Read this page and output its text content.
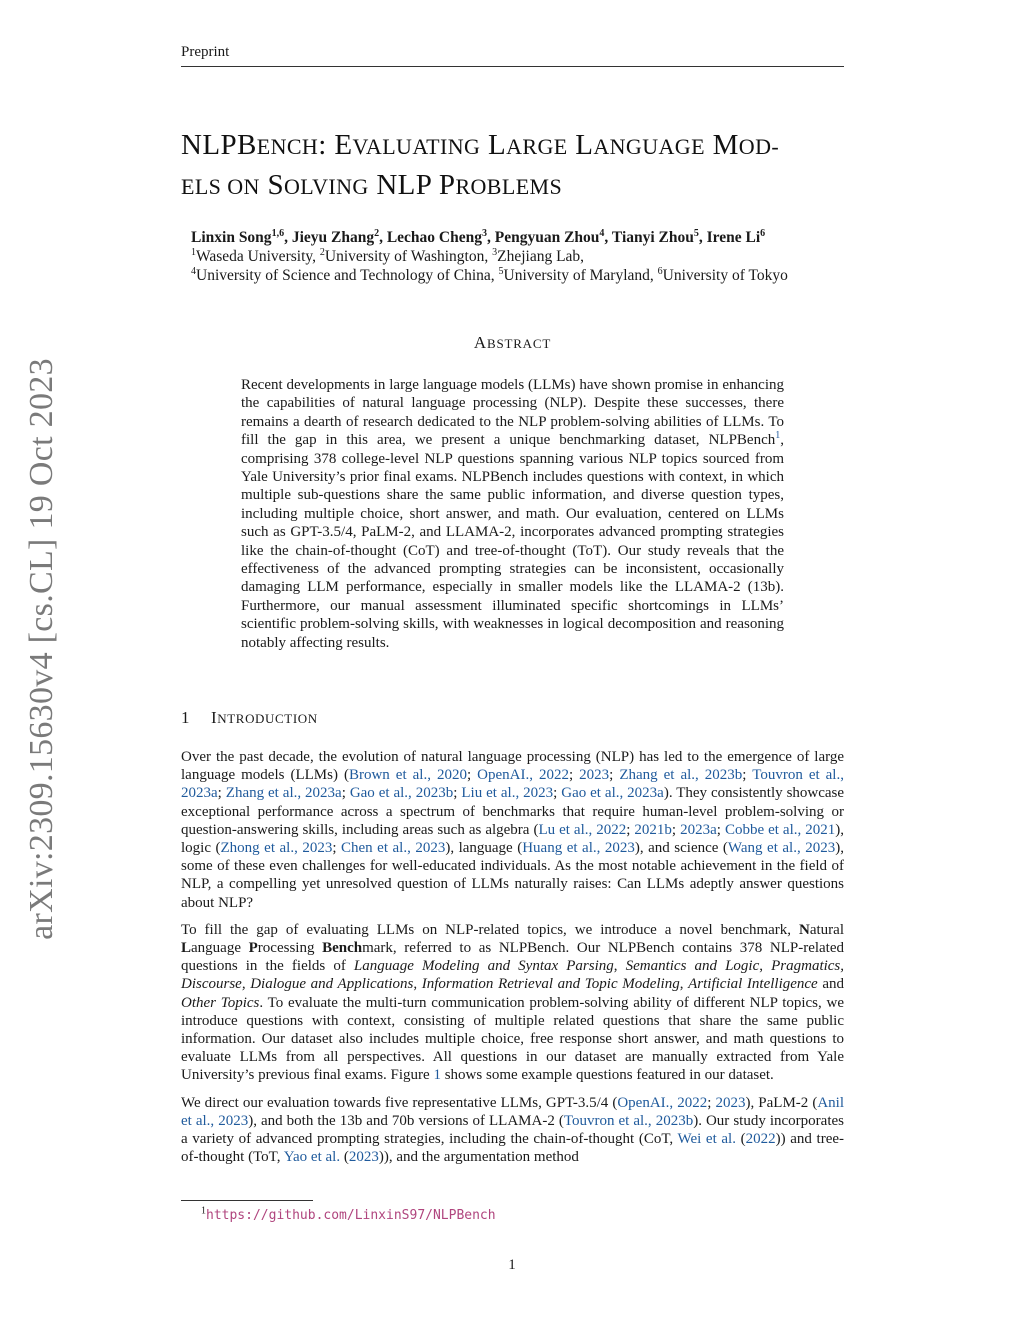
Preprint
arXiv:2309.15630v4 [cs.CL] 19 Oct 2023
NLPBENCH: EVALUATING LARGE LANGUAGE MOD-
ELS ON SOLVING NLP PROBLEMS
Linxin Song$^{1,6}$, Jieyu Zhang$^2$, Lechao Cheng$^3$, Pengyuan Zhou$^4$, Tianyi Zhou$^5$, Irene Li$^6$
$^1$Waseda University, $^2$University of Washington, $^3$Zhejiang Lab,
$^4$University of Science and Technology of China, $^5$University of Maryland, $^6$University of Tokyo
ABSTRACT
Recent developments in large language models (LLMs) have shown promise in enhancing the capabilities of natural language processing (NLP). Despite these successes, there remains a dearth of research dedicated to the NLP problem-solving abilities of LLMs. To fill the gap in this area, we present a unique benchmarking dataset, NLPBench$^1$, comprising 378 college-level NLP questions spanning various NLP topics sourced from Yale University’s prior final exams. NLPBench includes questions with context, in which multiple sub-questions share the same public information, and diverse question types, including multiple choice, short answer, and math. Our evaluation, centered on LLMs such as GPT-3.5/4, PaLM-2, and LLAMA-2, incorporates advanced prompting strategies like the chain-of-thought (CoT) and tree-of-thought (ToT). Our study reveals that the effectiveness of the advanced prompting strategies can be inconsistent, occasionally damaging LLM performance, especially in smaller models like the LLAMA-2 (13b). Furthermore, our manual assessment illuminated specific shortcomings in LLMs’ scientific problem-solving skills, with weaknesses in logical decomposition and reasoning notably affecting results.
1 INTRODUCTION

Over the past decade, the evolution of natural language processing (NLP) has led to the emergence of large language models (LLMs) (Brown et al., 2020; OpenAI., 2022; 2023; Zhang et al., 2023b; Touvron et al., 2023a; Zhang et al., 2023a; Gao et al., 2023b; Liu et al., 2023; Gao et al., 2023a). They consistently showcase exceptional performance across a spectrum of benchmarks that require human-level problem-solving or question-answering skills, including areas such as algebra (Lu et al., 2022; 2021b; 2023a; Cobbe et al., 2021), logic (Zhong et al., 2023; Chen et al., 2023), language (Huang et al., 2023), and science (Wang et al., 2023), some of these even challenges for well-educated individuals. As the most notable achievement in the field of NLP, a compelling yet unresolved question of LLMs naturally raises: Can LLMs adeptly answer questions about NLP?

To fill the gap of evaluating LLMs on NLP-related topics, we introduce a novel benchmark, Natural Language Processing Benchmark, referred to as NLPBench. Our NLPBench contains 378 NLP-related questions in the fields of Language Modeling and Syntax Parsing, Semantics and Logic, Pragmatics, Discourse, Dialogue and Applications, Information Retrieval and Topic Modeling, Artificial Intelligence and Other Topics. To evaluate the multi-turn communication problem-solving ability of different NLP topics, we introduce questions with context, consisting of multiple related questions that share the same public information. Our dataset also includes multiple choice, free response short answer, and math questions to evaluate LLMs from all perspectives. All questions in our dataset are manually extracted from Yale University’s previous final exams. Figure 1 shows some example questions featured in our dataset.

We direct our evaluation towards five representative LLMs, GPT-3.5/4 (OpenAI., 2022; 2023), PaLM-2 (Anil et al., 2023), and both the 13b and 70b versions of LLAMA-2 (Touvron et al., 2023b). Our study incorporates a variety of advanced prompting strategies, including the chain-of-thought (CoT, Wei et al. (2022)) and tree-of-thought (ToT, Yao et al. (2023)), and the argumentation method

$^1$https://github.com/LinxinS97/NLPBench
1
